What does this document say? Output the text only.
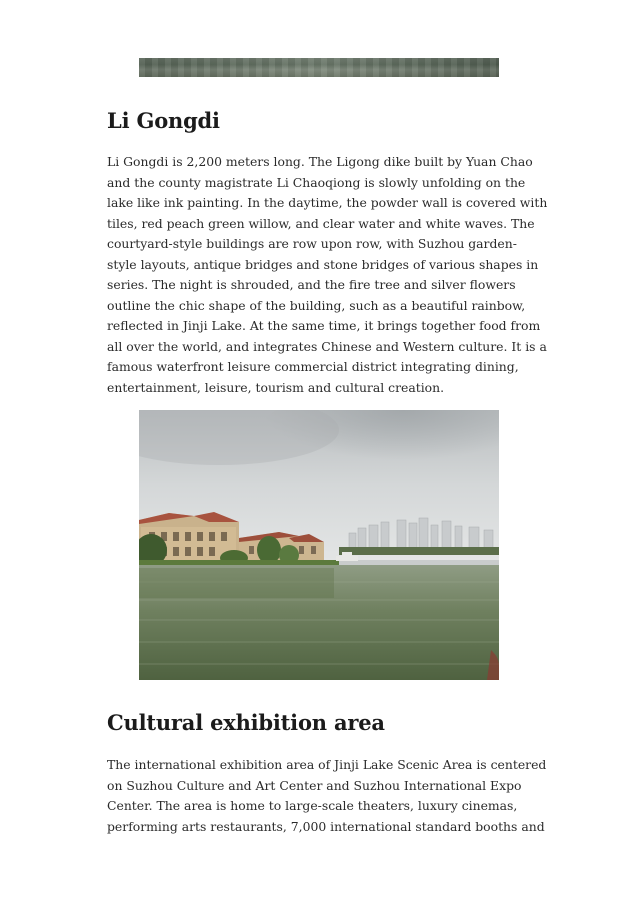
Li Gongdi

Li Gongdi is 2,200 meters long. The Ligong dike built by Yuan Chao
and the county magistrate Li Chaoqiong is slowly unfolding on the
lake like ink painting. In the daytime, the powder wall is covered with
tiles, red peach green willow, and clear water and white waves. The
courtyard-style buildings are row upon row, with Suzhou garden-
style layouts, antique bridges and stone bridges of various shapes in
series. The night is shrouded, and the fire tree and silver flowers
outline the chic shape of the building, such as a beautiful rainbow,
reflected in Jinji Lake. At the same time, it brings together food from
all over the world, and integrates Chinese and Western culture. It is a
famous waterfront leisure commercial district integrating dining,
entertainment, leisure, tourism and cultural creation.

Cultural exhibition area

The international exhibition area of Jinji Lake Scenic Area is centered
on Suzhou Culture and Art Center and Suzhou International Expo
Center. The area is home to large-scale theaters, luxury cinemas,
performing arts restaurants, 7,000 international standard booths and
